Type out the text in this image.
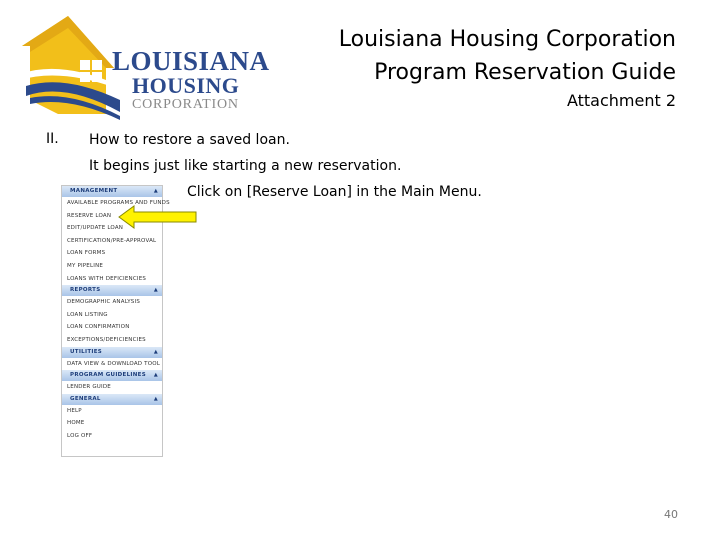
LOUISIANA
HOUSING
CORPORATION
Louisiana Housing Corporation
Program Reservation Guide
Attachment 2
II. How to restore a saved loan.
It begins just like starting a new reservation.
Click on [Reserve Loan] in the Main Menu.
MANAGEMENT	▲
AVAILABLE PROGRAMS AND FUNDS
RESERVE LOAN
EDIT/UPDATE LOAN
CERTIFICATION/PRE-APPROVAL
LOAN FORMS
MY PIPELINE
LOANS WITH DEFICIENCIES
REPORTS	▲
DEMOGRAPHIC ANALYSIS
LOAN LISTING
LOAN CONFIRMATION
EXCEPTIONS/DEFICIENCIES
UTILITIES	▲
DATA VIEW & DOWNLOAD TOOL
PROGRAM GUIDELINES ▲
LENDER GUIDE
GENERAL	▲
HELP
HOME
LOG OFF
40
